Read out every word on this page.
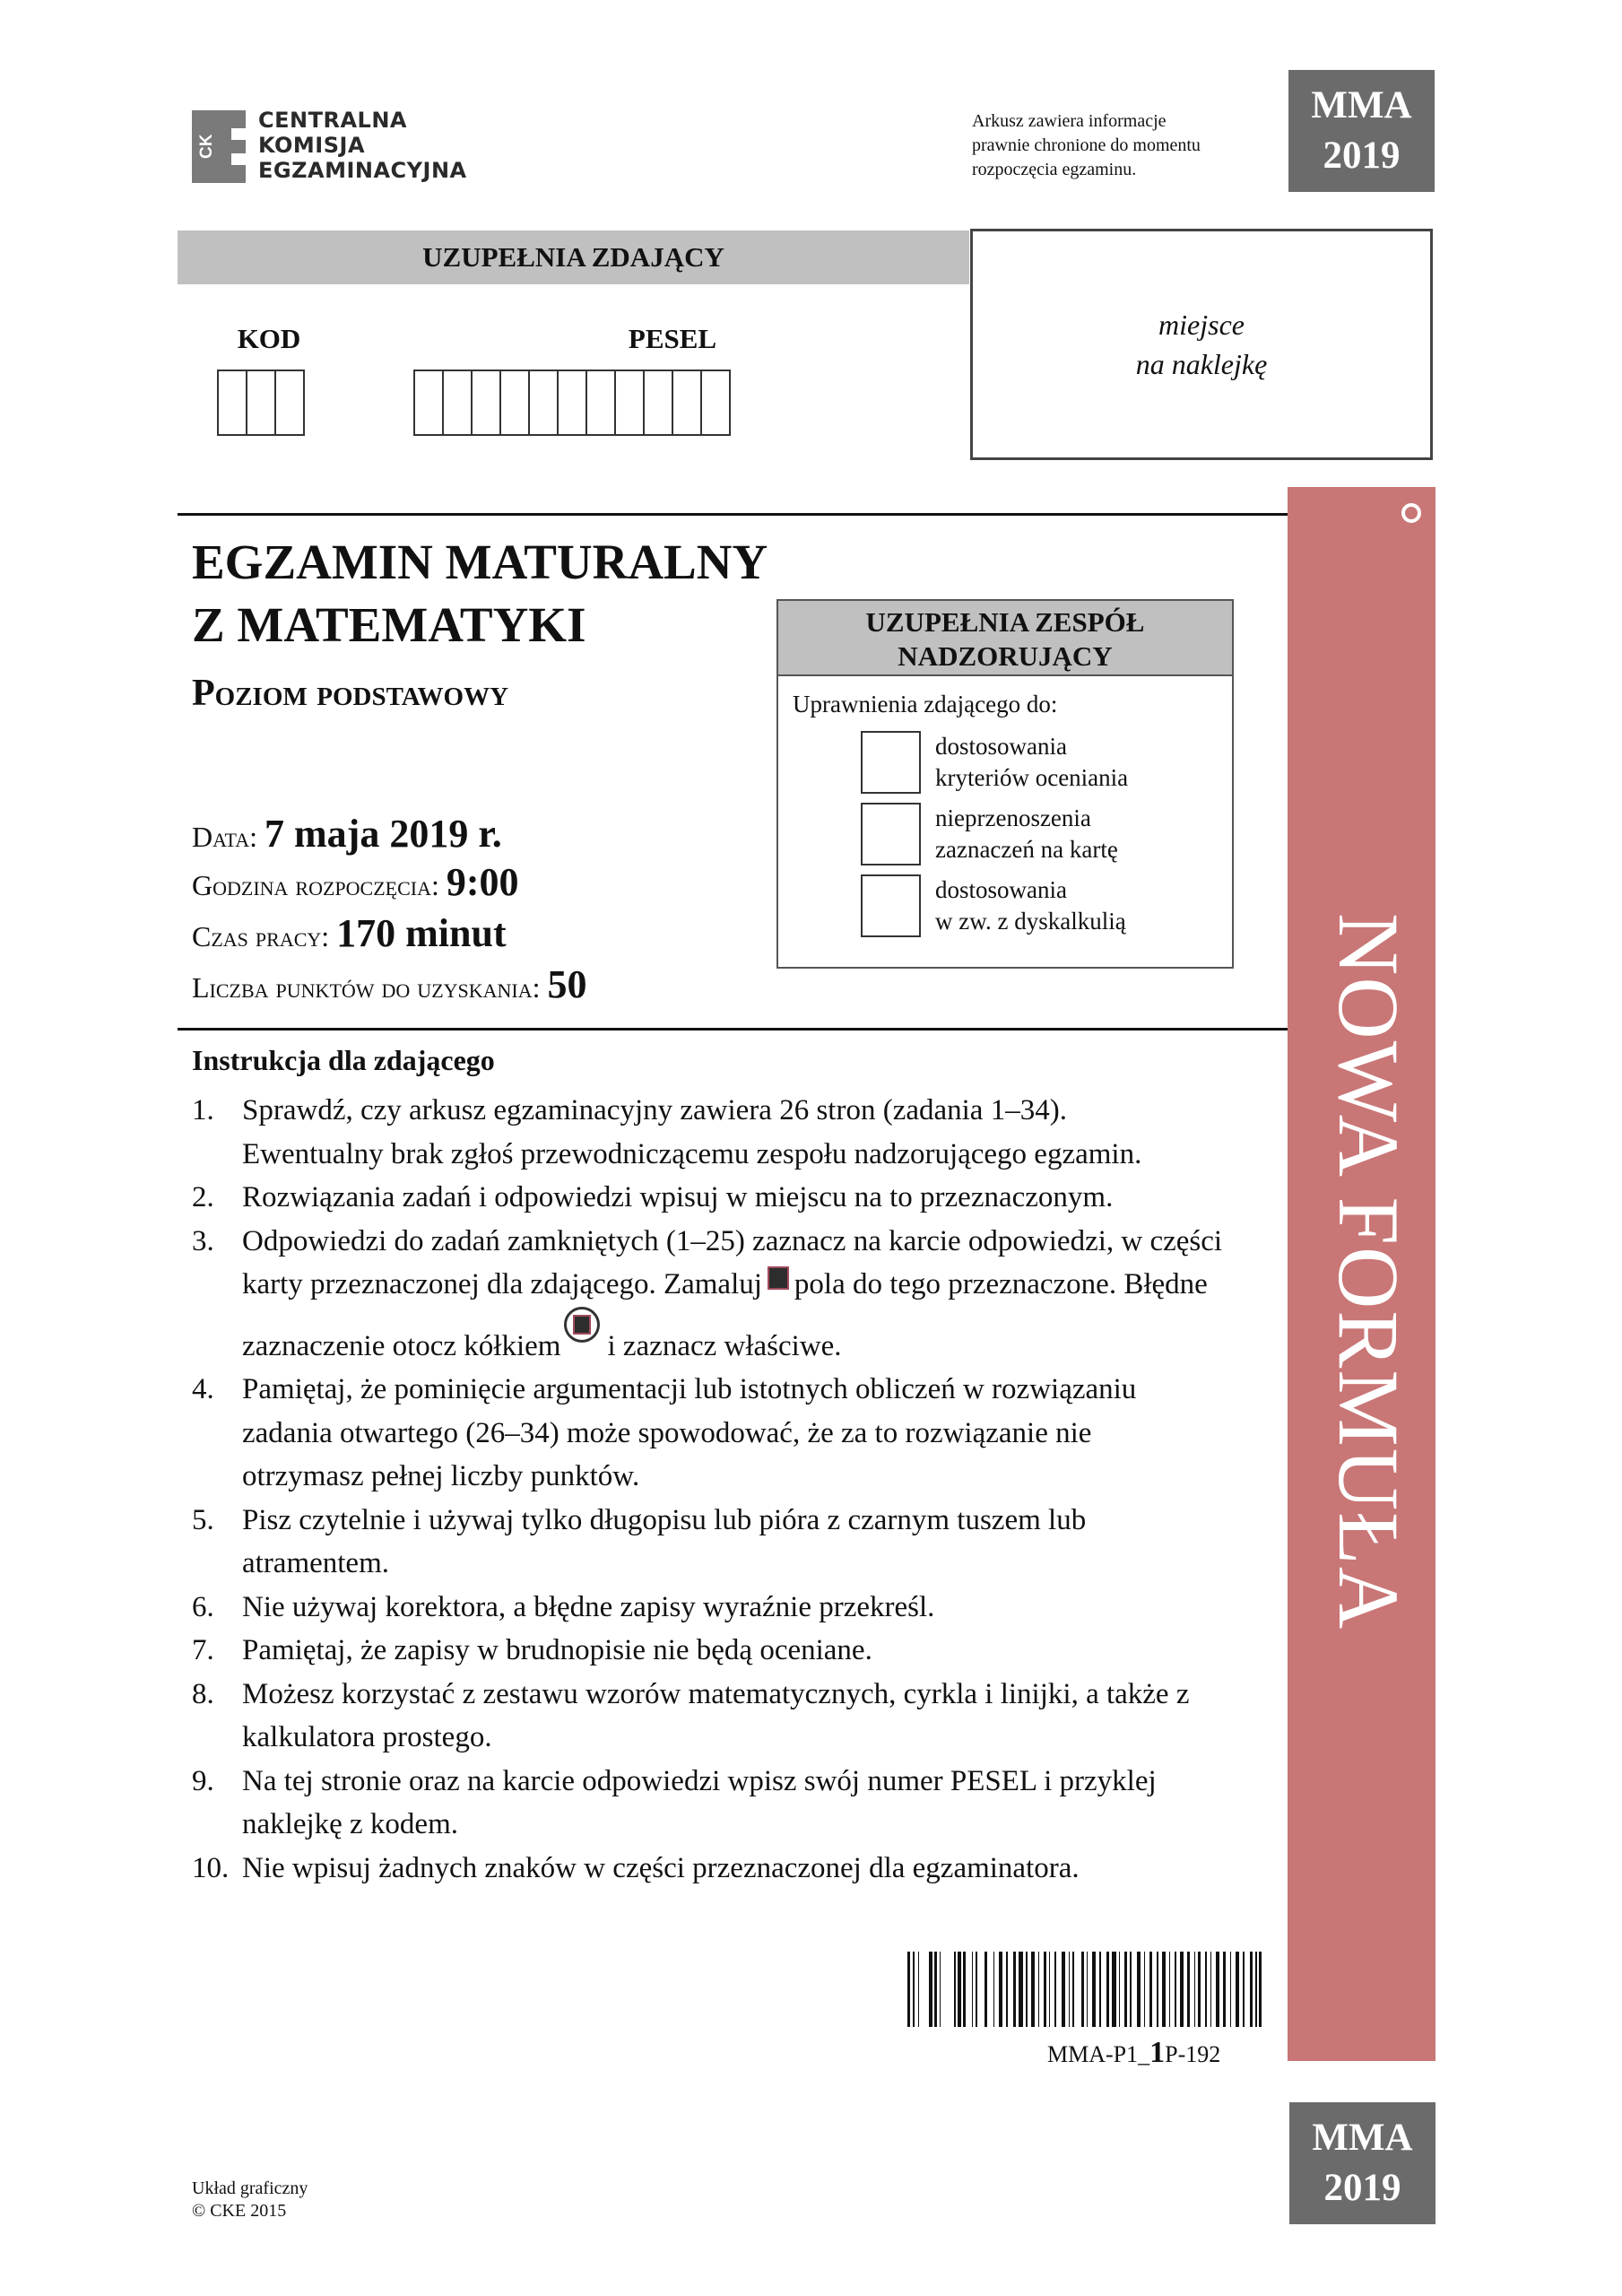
CK
CENTRALNA
KOMISJA
EGZAMINACYJNA
Arkusz zawiera informacje
prawnie chronione do momentu
rozpoczęcia egzaminu.
MMA
2019
UZUPEŁNIA ZDAJĄCY
KOD	PESEL	miejsce
na naklejkę
EGZAMIN MATURALNY
Z MATEMATYKI
Poziom podstawowy
Data: 7 maja 2019 r.
Godzina rozpoczęcia: 9:00
Czas pracy: 170 minut
Liczba punktów do uzyskania: 50
UZUPEŁNIA ZESPÓŁ
NADZORUJĄCY
Uprawnienia zdającego do:
dostosowania
kryteriów oceniania
nieprzenoszenia
zaznaczeń na kartę
dostosowania
w zw. z dyskalkulią NOWA FORMUŁA
Instrukcja dla zdającego
1. Sprawdź, czy arkusz egzaminacyjny zawiera 26 stron (zadania 1–34). Ewentualny brak zgłoś przewodniczącemu zespołu nadzorującego egzamin.
2. Rozwiązania zadań i odpowiedzi wpisuj w miejscu na to przeznaczonym.
3. Odpowiedzi do zadań zamkniętych (1–25) zaznacz na karcie odpowiedzi, w części karty przeznaczonej dla zdającego. Zamaluj pola do tego przeznaczone. Błędne zaznaczenie otocz kółkiem i zaznacz właściwe.
4. Pamiętaj, że pominięcie argumentacji lub istotnych obliczeń w rozwiązaniu zadania otwartego (26–34) może spowodować, że za to rozwiązanie nie otrzymasz pełnej liczby punktów.
5. Pisz czytelnie i używaj tylko długopisu lub pióra z czarnym tuszem lub atramentem.
6. Nie używaj korektora, a błędne zapisy wyraźnie przekreśl.
7. Pamiętaj, że zapisy w brudnopisie nie będą oceniane.
8. Możesz korzystać z zestawu wzorów matematycznych, cyrkla i linijki, a także z kalkulatora prostego.
9. Na tej stronie oraz na karcie odpowiedzi wpisz swój numer PESEL i przyklej naklejkę z kodem.
10. Nie wpisuj żadnych znaków w części przeznaczonej dla egzaminatora.
MMA-P1_1P-192
Układ graficzny
© CKE 2015
MMA
2019
